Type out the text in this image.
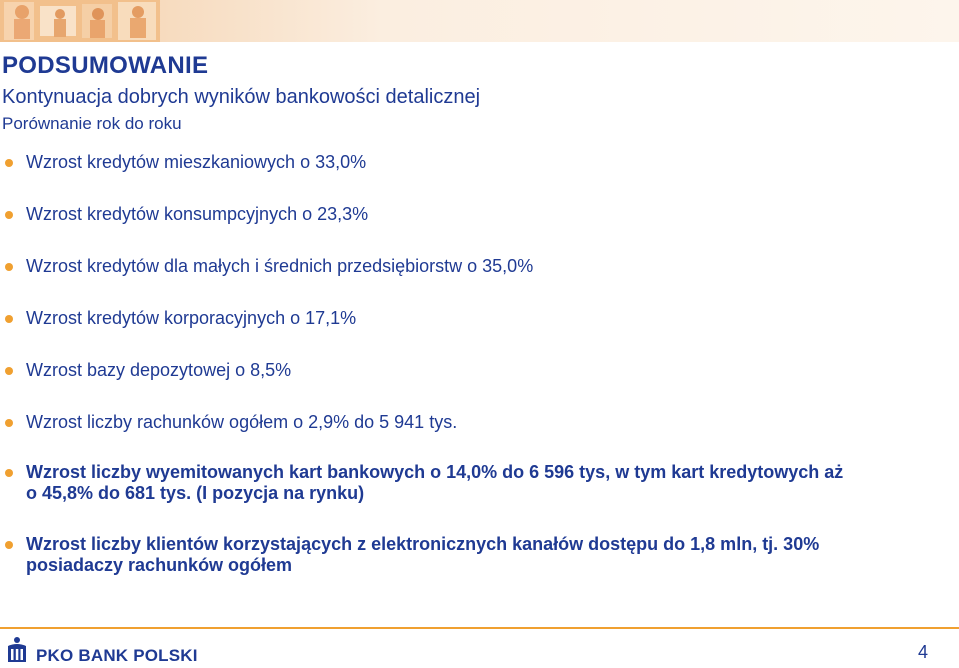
PODSUMOWANIE
Kontynuacja dobrych wyników bankowości detalicznej
Porównanie rok do roku
Wzrost kredytów mieszkaniowych o 33,0%
Wzrost kredytów konsumpcyjnych o 23,3%
Wzrost kredytów dla małych i średnich przedsiębiorstw o 35,0%
Wzrost kredytów korporacyjnych o 17,1%
Wzrost bazy depozytowej o 8,5%
Wzrost liczby rachunków ogółem o 2,9% do 5 941 tys.
Wzrost liczby wyemitowanych kart bankowych o 14,0% do 6 596 tys, w tym kart kredytowych aż o 45,8% do 681 tys. (I pozycja na rynku)
Wzrost liczby klientów korzystających z elektronicznych kanałów dostępu do 1,8 mln, tj. 30% posiadaczy rachunków ogółem
PKO BANK POLSKI	4
